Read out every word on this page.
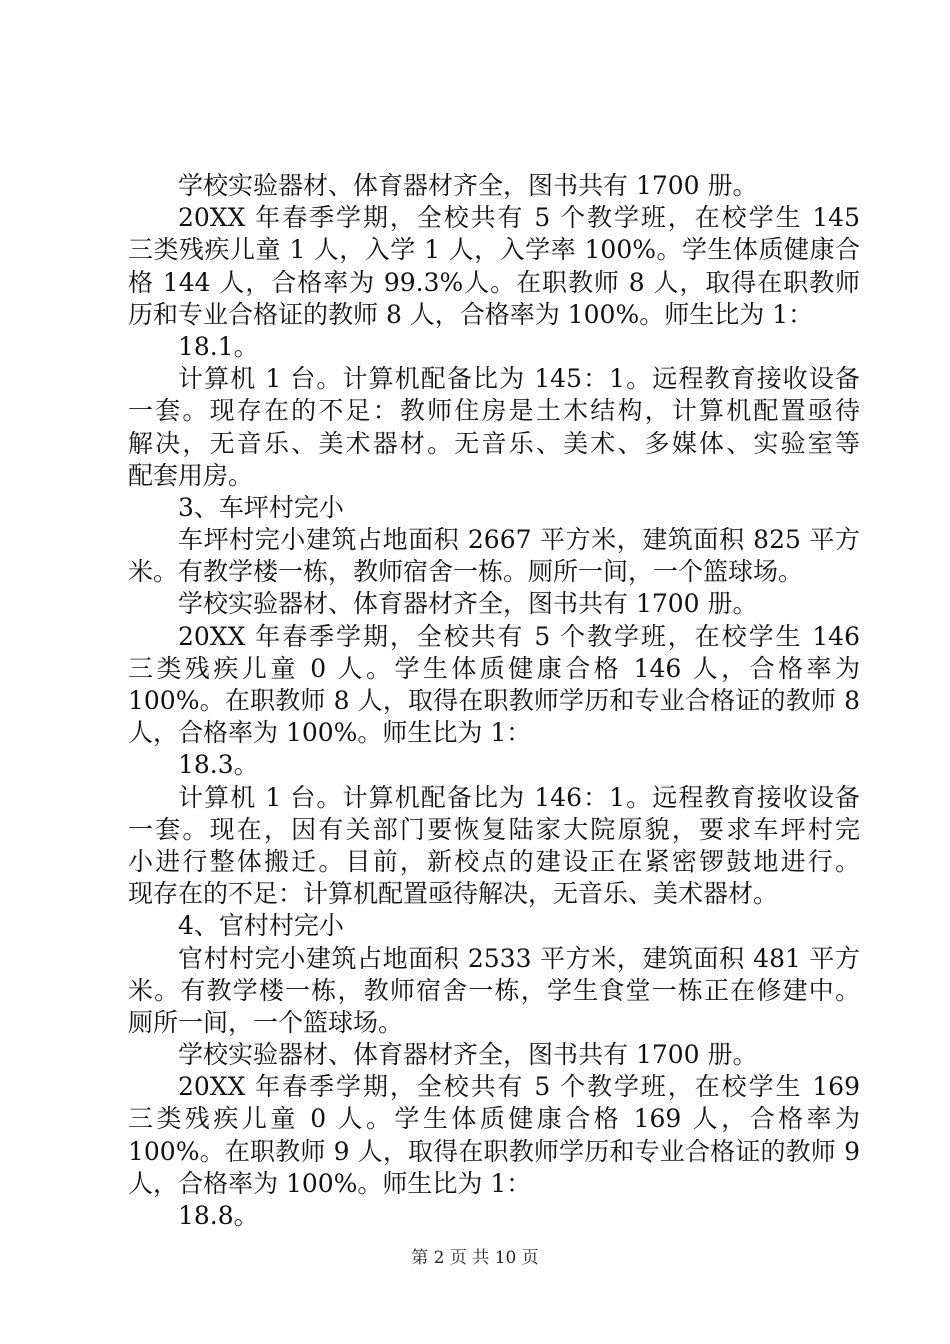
学校实验器材、体育器材齐全，图书共有 1700 册。
20XX 年春季学期，全校共有 5 个教学班，在校学生 145
三类残疾儿童 1 人，入学 1 人，入学率 100%。学生体质健康合
格 144 人，合格率为 99.3%人。在职教师 8 人，取得在职教师
历和专业合格证的教师 8 人，合格率为 100%。师生比为 1：
18.1。
计算机 1 台。计算机配备比为 145：1。远程教育接收设备
一套。现存在的不足：教师住房是土木结构，计算机配置亟待
解决，无音乐、美术器材。无音乐、美术、多媒体、实验室等
配套用房。
3、车坪村完小
车坪村完小建筑占地面积 2667 平方米，建筑面积 825 平方
米。有教学楼一栋，教师宿舍一栋。厕所一间，一个篮球场。
学校实验器材、体育器材齐全，图书共有 1700 册。
20XX 年春季学期，全校共有 5 个教学班，在校学生 146
三类残疾儿童 0 人。学生体质健康合格 146 人，合格率为
100%。在职教师 8 人，取得在职教师学历和专业合格证的教师 8
人，合格率为 100%。师生比为 1：
18.3。
计算机 1 台。计算机配备比为 146：1。远程教育接收设备
一套。现在，因有关部门要恢复陆家大院原貌，要求车坪村完
小进行整体搬迁。目前，新校点的建设正在紧密锣鼓地进行。
现存在的不足：计算机配置亟待解决，无音乐、美术器材。
4、官村村完小
官村村完小建筑占地面积 2533 平方米，建筑面积 481 平方
米。有教学楼一栋，教师宿舍一栋，学生食堂一栋正在修建中。
厕所一间，一个篮球场。
学校实验器材、体育器材齐全，图书共有 1700 册。
20XX 年春季学期，全校共有 5 个教学班，在校学生 169
三类残疾儿童 0 人。学生体质健康合格 169 人，合格率为
100%。在职教师 9 人，取得在职教师学历和专业合格证的教师 9
人，合格率为 100%。师生比为 1：
18.8。
第 2 页 共 10 页
